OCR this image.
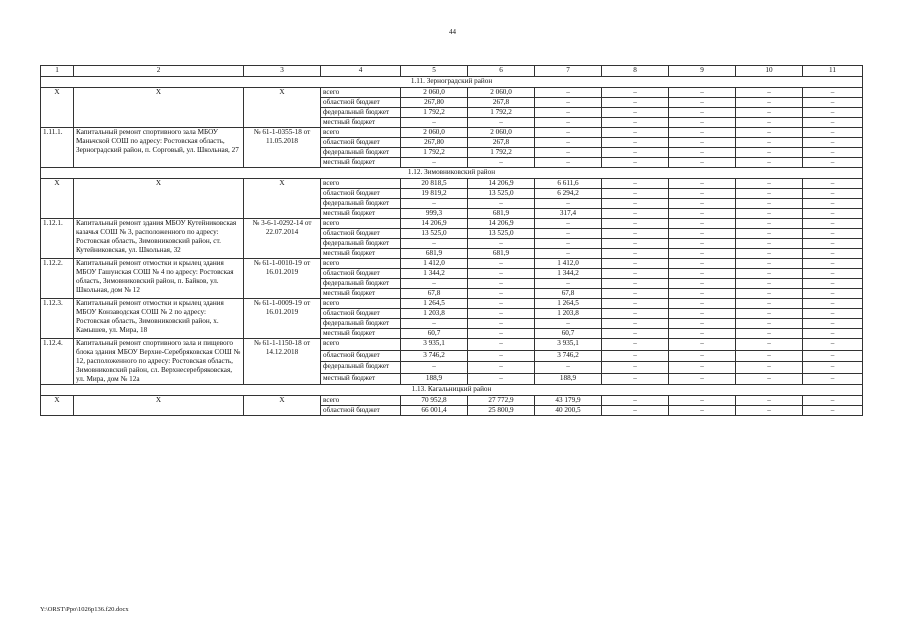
44
1	2	3	4	5	6	7	8	9	10	11
1.11. Зерноградский район										
X	X	X	всего	2 060,0	2 060,0	–	–	–	–	–
			областной бюджет	267,80	267,8	–	–	–	–	–
			федеральный бюджет	1 792,2	1 792,2	–	–	–	–	–
			местный бюджет	–	–	–	–	–	–	–
1.11.1.	Капитальный ремонт спортивного зала МБОУ Маньчской СОШ по адресу: Ростовская область, Зерноградский район, п. Сорговый, ул. Школьная, 27	№ 61-1-0355-18 от 11.05.2018	всего	2 060,0	2 060,0	–	–	–	–	–
			областной бюджет	267,80	267,8	–	–	–	–	–
			федеральный бюджет	1 792,2	1 792,2	–	–	–	–	–
			местный бюджет	–	–	–	–	–	–	–
1.12. Зимовниковский район										
X	X	X	всего	20 818,5	14 206,9	6 611,6	–	–	–	–
			областной бюджет	19 819,2	13 525,0	6 294,2	–	–	–	–
			федеральный бюджет	–	–	–	–	–	–	–
			местный бюджет	999,3	681,9	317,4	–	–	–	–
1.12.1.	Капитальный ремонт здания МБОУ Кутейниковская казачья СОШ № 3, расположенного по адресу: Ростовская область, Зимовниковский район, ст. Кутейниковская, ул. Школьная, 32	№ 3-6-1-0292-14 от 22.07.2014	всего	14 206,9	14 206,9	–	–	–	–	–
			областной бюджет	13 525,0	13 525,0	–	–	–	–	–
			федеральный бюджет	–	–	–	–	–	–	–
			местный бюджет	681,9	681,9	–	–	–	–	–
1.12.2.	Капитальный ремонт отмостки и крылец здания МБОУ Гашунская СОШ № 4 по адресу: Ростовская область, Зимовниковский район, п. Байков, ул. Школьная, дом № 12	№ 61-1-0010-19 от 16.01.2019	всего	1 412,0	–	1 412,0	–	–	–	–
			областной бюджет	1 344,2	–	1 344,2	–	–	–	–
			федеральный бюджет	–	–	–	–	–	–	–
			местный бюджет	67,8	–	67,8	–	–	–	–
1.12.3.	Капитальный ремонт отмостки и крылец здания МБОУ Конзаводская СОШ № 2 по адресу: Ростовская область, Зимовниковский район, х. Камышев, ул. Мира, 18	№ 61-1-0009-19 от 16.01.2019	всего	1 264,5	–	1 264,5	–	–	–	–
			областной бюджет	1 203,8	–	1 203,8	–	–	–	–
			федеральный бюджет	–	–	–	–	–	–	–
			местный бюджет	60,7	–	60,7	–	–	–	–
1.12.4.	Капитальный ремонт спортивного зала и пищевого блока здания МБОУ Верхне-Серебряковская СОШ № 12, расположенного по адресу: Ростовская область, Зимовниковский район, сл. Верхнесеребряковская, ул. Мира, дом № 12а	№ 61-1-1150-18 от 14.12.2018	всего	3 935,1	–	3 935,1	–	–	–	–
			областной бюджет	3 746,2	–	3 746,2	–	–	–	–
			федеральный бюджет	–	–	–	–	–	–	–
			местный бюджет	188,9	–	188,9	–	–	–	–
1.13. Кагальницкий район										
X	X	X	всего	70 952,8	27 772,9	43 179,9	–	–	–	–
			областной бюджет	66 001,4	25 800,9	40 200,5	–	–	–	–
Y:\ORST\Ppo\1026p136.f20.docx
